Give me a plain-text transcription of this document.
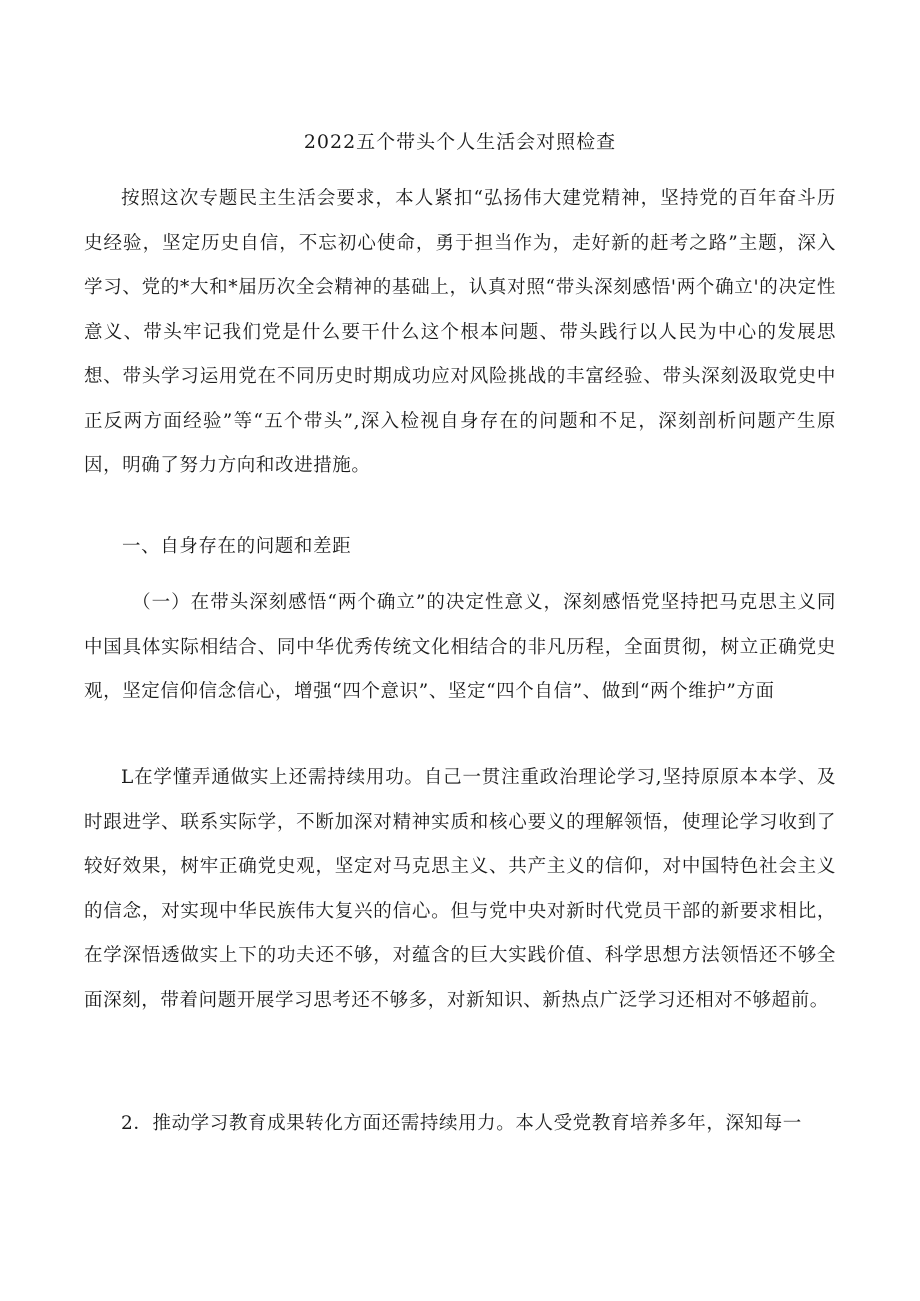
2022五个带头个人生活会对照检查

按照这次专题民主生活会要求，本人紧扣“弘扬伟大建党精神，坚持党的百年奋斗历史经验，坚定历史自信，不忘初心使命，勇于担当作为，走好新的赶考之路”主题，深入学习、党的*大和*届历次全会精神的基础上，认真对照“带头深刻感悟'两个确立'的决定性意义、带头牢记我们党是什么要干什么这个根本问题、带头践行以人民为中心的发展思想、带头学习运用党在不同历史时期成功应对风险挑战的丰富经验、带头深刻汲取党史中正反两方面经验”等“五个带头”,深入检视自身存在的问题和不足，深刻剖析问题产生原因，明确了努力方向和改进措施。

一、自身存在的问题和差距

（一）在带头深刻感悟“两个确立”的决定性意义，深刻感悟党坚持把马克思主义同中国具体实际相结合、同中华优秀传统文化相结合的非凡历程，全面贯彻，树立正确党史观，坚定信仰信念信心，增强“四个意识”、坚定“四个自信”、做到“两个维护”方面

L在学懂弄通做实上还需持续用功。自己一贯注重政治理论学习,坚持原原本本学、及时跟进学、联系实际学，不断加深对精神实质和核心要义的理解领悟，使理论学习收到了较好效果，树牢正确党史观，坚定对马克思主义、共产主义的信仰，对中国特色社会主义的信念，对实现中华民族伟大复兴的信心。但与党中央对新时代党员干部的新要求相比，在学深悟透做实上下的功夫还不够，对蕴含的巨大实践价值、科学思想方法领悟还不够全面深刻，带着问题开展学习思考还不够多，对新知识、新热点广泛学习还相对不够超前。

2．推动学习教育成果转化方面还需持续用力。本人受党教育培养多年，深知每一
